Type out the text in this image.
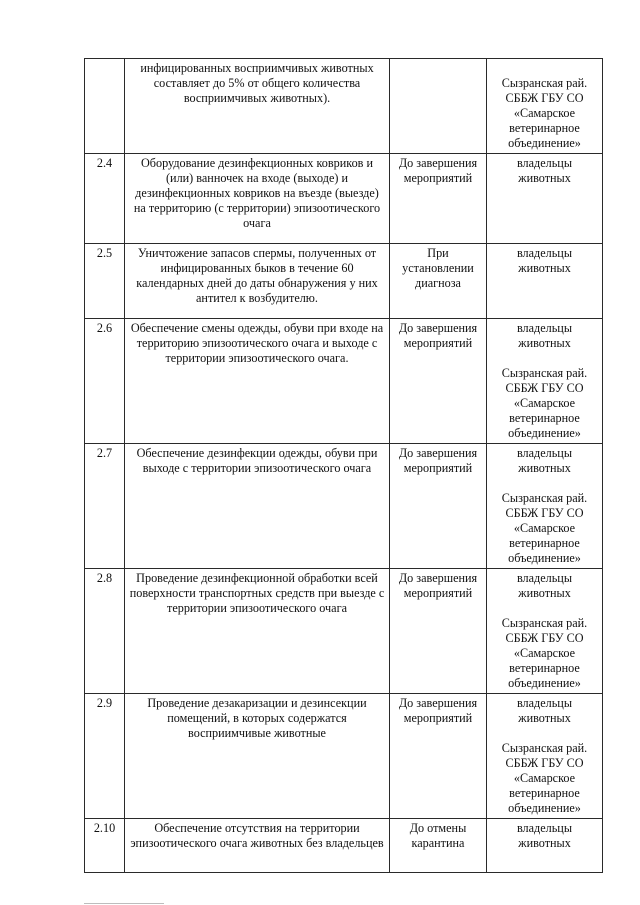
	инфицированных восприимчивых животных составляет до 5% от общего количества восприимчивых животных).		Сызранская рай. СББЖ ГБУ СО «Самарское ветеринарное объединение»

2.4	Оборудование дезинфекционных ковриков и (или) ванночек на входе (выходе) и дезинфекционных ковриков на въезде (выезде) на территорию (с территории) эпизоотического очага	До завершения мероприятий	владельцы животных

2.5	Уничтожение запасов спермы, полученных от инфицированных быков в течение 60 календарных дней до даты обнаружения у них антител к возбудителю.	При установлении диагноза	владельцы животных

2.6	Обеспечение смены одежды, обуви при входе на территорию эпизоотического очага и выходе с территории эпизоотического очага.	До завершения мероприятий	владельцы животных
Сызранская рай. СББЖ ГБУ СО «Самарское ветеринарное объединение»

2.7	Обеспечение дезинфекции одежды, обуви при выходе с территории эпизоотического очага	До завершения мероприятий	владельцы животных
Сызранская рай. СББЖ ГБУ СО «Самарское ветеринарное объединение»

2.8	Проведение дезинфекционной обработки всей поверхности транспортных средств при выезде с территории эпизоотического очага	До завершения мероприятий	владельцы животных
Сызранская рай. СББЖ ГБУ СО «Самарское ветеринарное объединение»

2.9	Проведение дезакаризации и дезинсекции помещений, в которых содержатся восприимчивые животные	До завершения мероприятий	владельцы животных
Сызранская рай. СББЖ ГБУ СО «Самарское ветеринарное объединение»

2.10	Обеспечение отсутствия на территории эпизоотического очага животных без владельцев	До отмены карантина	владельцы животных
